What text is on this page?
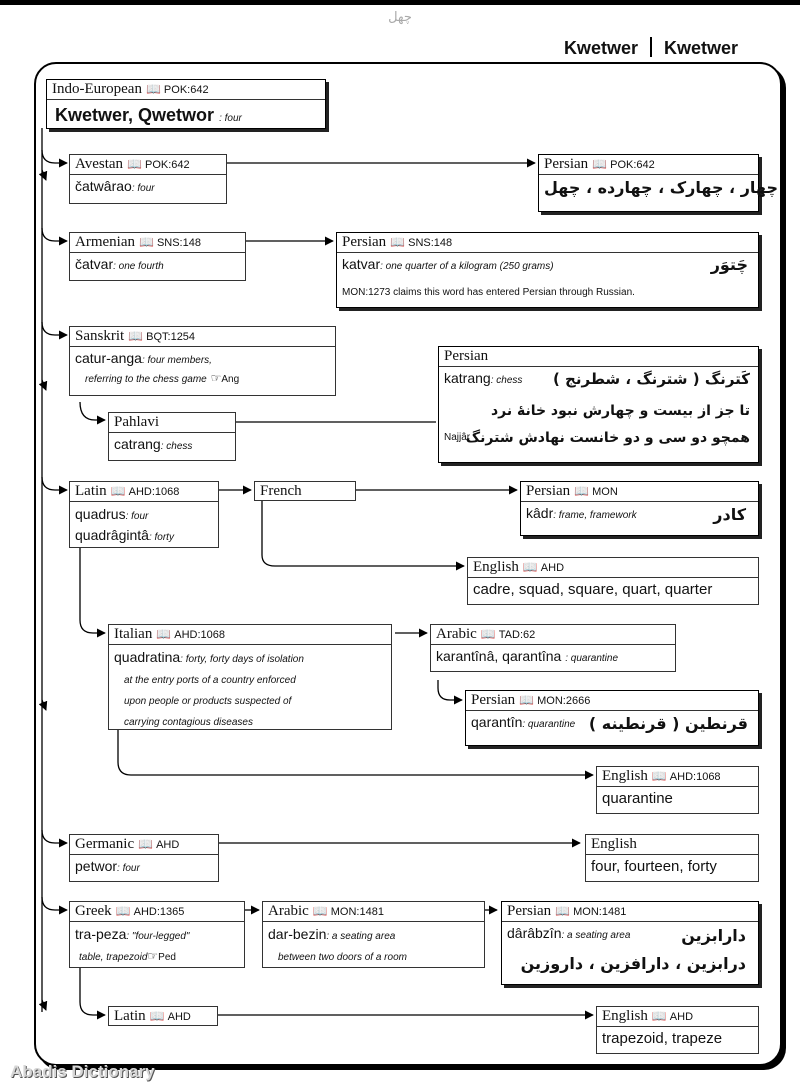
چهل
Kwetwer Kwetwer
Indo-European 📖 POK:642
Kwetwer, Qwetwor : four
Avestan 📖 POK:642
čatwârao: four
Persian 📖 POK:642
چهار ، چهارک ، چهارده ، چهل
Armenian 📖 SNS:148
čatvar: one fourth
Persian 📖 SNS:148
katvar: one quarter of a kilogram (250 grams)	چَتوَر
MON:1273 claims this word has entered Persian through Russian.
Sanskrit 📖 BQT:1254
catur-anga: four members,
referring to the chess game ☞Ang
Pahlavi
catrang: chess
Persian
katrang: chess کَترنگ ( شترنگ ، شطرنج )
تا جز از بیست و چهارش نبود خانهٔ نرد
Najjâr
همچو دو سی و دو خانست نهادش شترنگ
Latin 📖 AHD:1068
quadrus: four
quadrâgintâ: forty
French	Persian 📖 MON
kâdr: frame, framework	کادر
English 📖 AHD
cadre, squad, square, quart, quarter
Italian 📖 AHD:1068
quadratina: forty, forty days of isolation
at the entry ports of a country enforced
upon people or products suspected of
carrying contagious diseases
Arabic 📖 TAD:62
karantînâ, qarantîna : quarantine
Persian 📖 MON:2666
qarantîn: quarantine قرنطین ( قرنطینه )
English 📖 AHD:1068
quarantine
Germanic 📖 AHD
petwor: four
English
four, fourteen, forty
Greek 📖 AHD:1365
tra-peza: "four-legged"
table, trapezoid☞Ped
Arabic 📖 MON:1481
dar-bezin: a seating area
between two doors of a room
Persian 📖 MON:1481
dârâbzîn: a seating area	دارابزین
درابزین ، دارافزین ، داروزین
Latin 📖 AHD	English 📖 AHD
trapezoid, trapeze
Abadis Dictionary
